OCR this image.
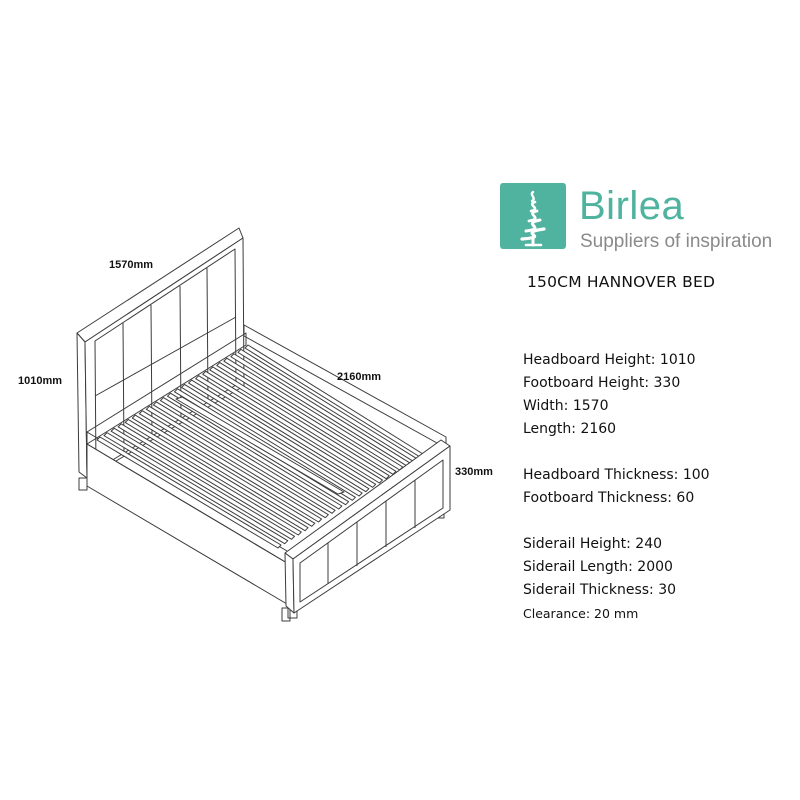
1570mm
1010mm	2160mm
330mm
Birlea
Suppliers of inspiration
150CM HANNOVER BED
Headboard Height: 1010
Footboard Height: 330
Width: 1570
Length: 2160
Headboard Thickness: 100
Footboard Thickness: 60
Siderail Height: 240
Siderail Length: 2000
Siderail Thickness: 30
Clearance: 20 mm
